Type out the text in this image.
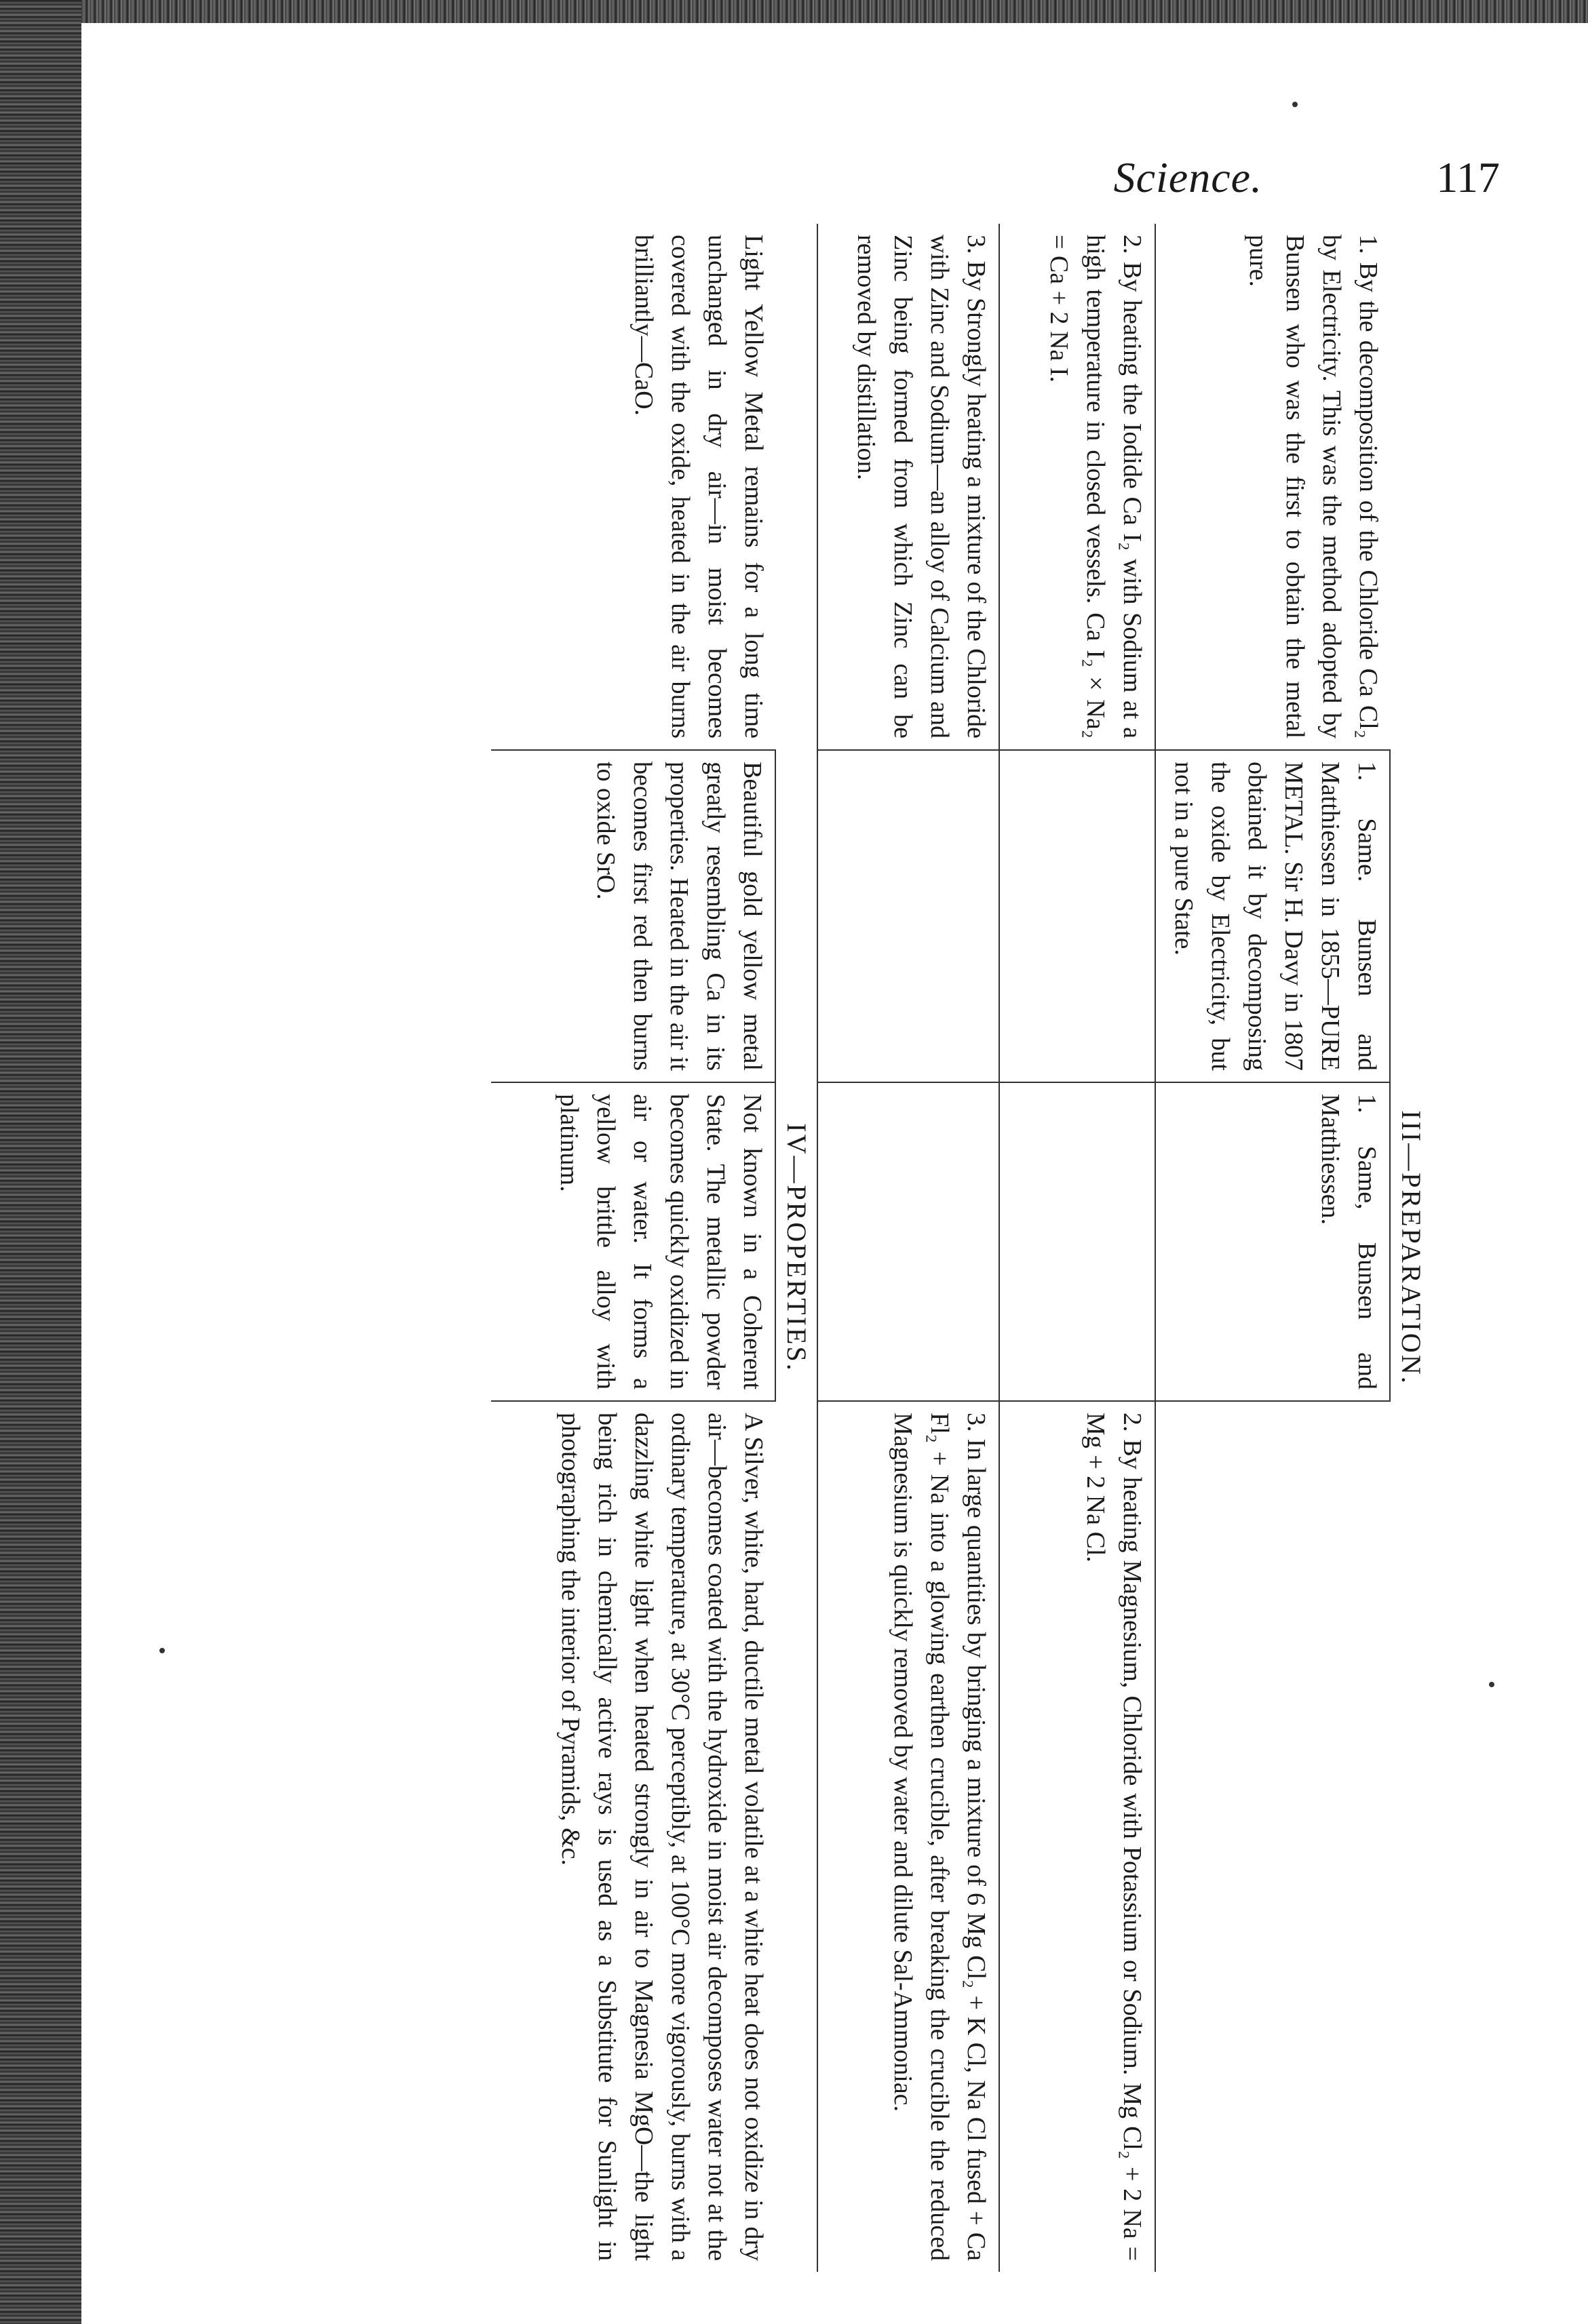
Science.	117
III—PREPARATION.
1. By the decomposition of the Chloride Ca Cl₂ by Electricity. This was the method adopted by Bunsen who was the first to obtain the metal pure.
1. Same. Bunsen and Matthiessen in 1855—PURE METAL. Sir H. Davy in 1807 obtained it by decomposing the oxide by Electricity, but not in a pure State.
1. Same, Bunsen and Matthiessen.
2. By heating the Iodide Ca I₂ with Sodium at a high temperature in closed vessels. Ca I₂ × Na₂ = Ca + 2 Na I.
2. By heating Magnesium, Chloride with Potassium or Sodium. Mg Cl₂ + 2 Na = Mg + 2 Na Cl.
3. By Strongly heating a mixture of the Chloride with Zinc and Sodium—an alloy of Calcium and Zinc being formed from which Zinc can be removed by distillation.
3. In large quantities by bringing a mixture of 6 Mg Cl₂ + K Cl, Na Cl fused + Ca Fl₂ + Na into a glowing earthen crucible, after breaking the crucible the reduced Magnesium is quickly removed by water and dilute Sal-Ammoniac.
IV—PROPERTIES.
Light Yellow Metal remains for a long time unchanged in dry air—in moist becomes covered with the oxide, heated in the air burns brilliantly—CaO.
Beautiful gold yellow metal greatly resembling Ca in its properties. Heated in the air it becomes first red then burns to oxide SrO.
Not known in a Coherent State. The metallic powder becomes quickly oxidized in air or water. It forms a yellow brittle alloy with platinum.
A Silver, white, hard, ductile metal volatile at a white heat does not oxidize in dry air—becomes coated with the hydroxide in moist air decomposes water not at the ordinary temperature, at 30°C perceptibly, at 100°C more vigorously, burns with a dazzling white light when heated strongly in air to Magnesia MgO—the light being rich in chemically active rays is used as a Substitute for Sunlight in photographing the interior of Pyramids, &c.
